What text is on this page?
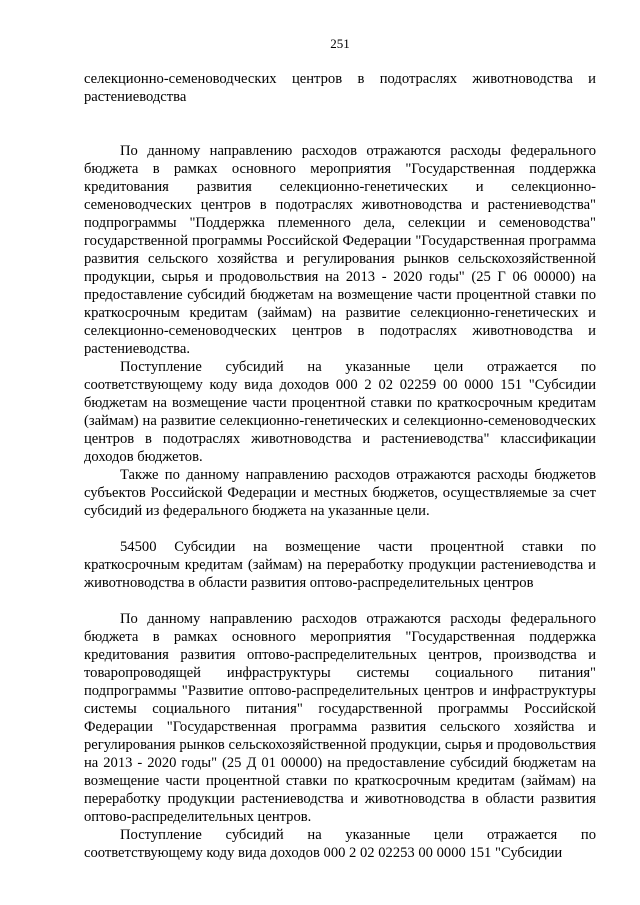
251

селекционно-семеноводческих центров в подотраслях животноводства и растениеводства

По данному направлению расходов отражаются расходы федерального бюджета в рамках основного мероприятия "Государственная поддержка кредитования развития селекционно-генетических и селекционно-семеноводческих центров в подотраслях животноводства и растениеводства" подпрограммы "Поддержка племенного дела, селекции и семеноводства" государственной программы Российской Федерации "Государственная программа развития сельского хозяйства и регулирования рынков сельскохозяйственной продукции, сырья и продовольствия на 2013 - 2020 годы" (25 Г 06 00000) на предоставление субсидий бюджетам на возмещение части процентной ставки по краткосрочным кредитам (займам) на развитие селекционно-генетических и селекционно-семеноводческих центров в подотраслях животноводства и растениеводства.

Поступление субсидий на указанные цели отражается по соответствующему коду вида доходов 000 2 02 02259 00 0000 151 "Субсидии бюджетам на возмещение части процентной ставки по краткосрочным кредитам (займам) на развитие селекционно-генетических и селекционно-семеноводческих центров в подотраслях животноводства и растениеводства" классификации доходов бюджетов.

Также по данному направлению расходов отражаются расходы бюджетов субъектов Российской Федерации и местных бюджетов, осуществляемые за счет субсидий из федерального бюджета на указанные цели.

54500 Субсидии на возмещение части процентной ставки по краткосрочным кредитам (займам) на переработку продукции растениеводства и животноводства в области развития оптово-распределительных центров

По данному направлению расходов отражаются расходы федерального бюджета в рамках основного мероприятия "Государственная поддержка кредитования развития оптово-распределительных центров, производства и товаропроводящей инфраструктуры системы социального питания" подпрограммы "Развитие оптово-распределительных центров и инфраструктуры системы социального питания" государственной программы Российской Федерации "Государственная программа развития сельского хозяйства и регулирования рынков сельскохозяйственной продукции, сырья и продовольствия на 2013 - 2020 годы" (25 Д 01 00000) на предоставление субсидий бюджетам на возмещение части процентной ставки по краткосрочным кредитам (займам) на переработку продукции растениеводства и животноводства в области развития оптово-распределительных центров.

Поступление субсидий на указанные цели отражается по соответствующему коду вида доходов 000 2 02 02253 00 0000 151 "Субсидии
